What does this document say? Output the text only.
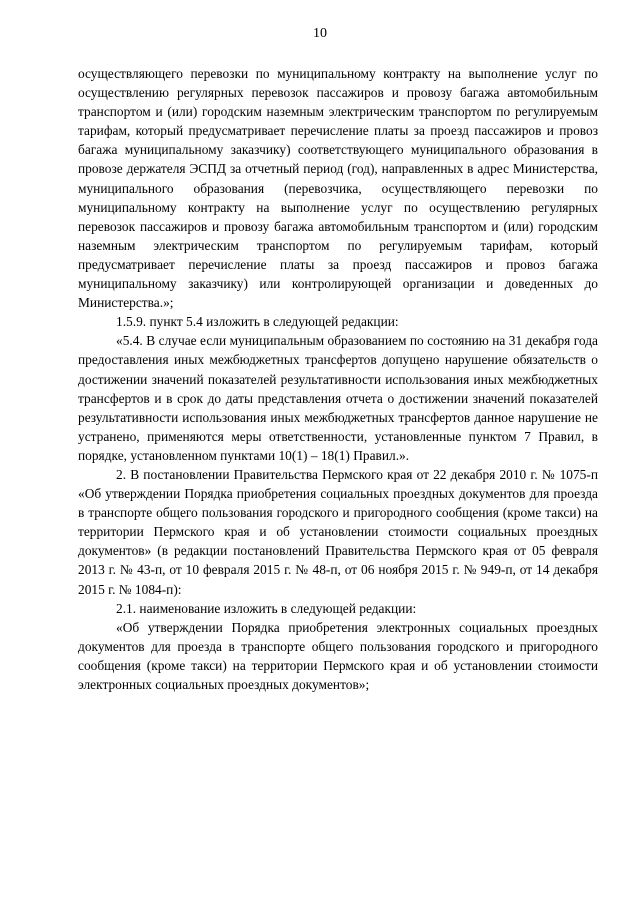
10

осуществляющего перевозки по муниципальному контракту на выполнение услуг по осуществлению регулярных перевозок пассажиров и провозу багажа автомобильным транспортом и (или) городским наземным электрическим транспортом по регулируемым тарифам, который предусматривает перечисление платы за проезд пассажиров и провоз багажа муниципальному заказчику) соответствующего муниципального образования в провозе держателя ЭСПД за отчетный период (год), направленных в адрес Министерства, муниципального образования (перевозчика, осуществляющего перевозки по муниципальному контракту на выполнение услуг по осуществлению регулярных перевозок пассажиров и провозу багажа автомобильным транспортом и (или) городским наземным электрическим транспортом по регулируемым тарифам, который предусматривает перечисление платы за проезд пассажиров и провоз багажа муниципальному заказчику) или контролирующей организации и доведенных до Министерства.»;

1.5.9. пункт 5.4 изложить в следующей редакции:

«5.4. В случае если муниципальным образованием по состоянию на 31 декабря года предоставления иных межбюджетных трансфертов допущено нарушение обязательств о достижении значений показателей результативности использования иных межбюджетных трансфертов и в срок до даты представления отчета о достижении значений показателей результативности использования иных межбюджетных трансфертов данное нарушение не устранено, применяются меры ответственности, установленные пунктом 7 Правил, в порядке, установленном пунктами 10(1) – 18(1) Правил.».

2. В постановлении Правительства Пермского края от 22 декабря 2010 г. № 1075-п «Об утверждении Порядка приобретения социальных проездных документов для проезда в транспорте общего пользования городского и пригородного сообщения (кроме такси) на территории Пермского края и об установлении стоимости социальных проездных документов» (в редакции постановлений Правительства Пермского края от 05 февраля 2013 г. № 43-п, от 10 февраля 2015 г. № 48-п, от 06 ноября 2015 г. № 949-п, от 14 декабря 2015 г. № 1084-п):

2.1. наименование изложить в следующей редакции:

«Об утверждении Порядка приобретения электронных социальных проездных документов для проезда в транспорте общего пользования городского и пригородного сообщения (кроме такси) на территории Пермского края и об установлении стоимости электронных социальных проездных документов»;
